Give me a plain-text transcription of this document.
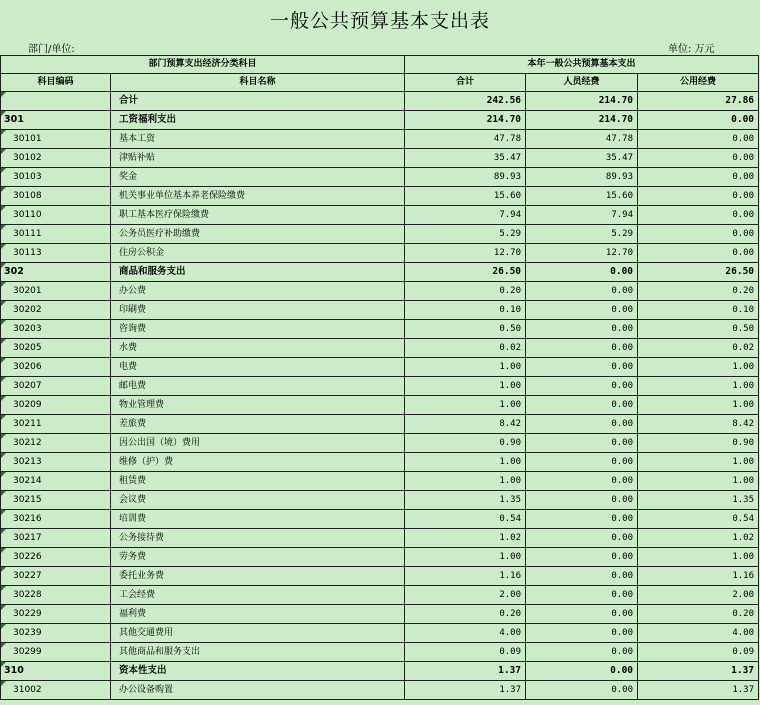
一般公共预算基本支出表
部门/单位:	单位: 万元
部门预算支出经济分类科目		本年一般公共预算基本支出		
科目编码	科目名称	合计	人员经费	公用经费
	合计	242.56	214.70	27.86
301	工资福利支出	214.70	214.70	0.00
30101	基本工资	47.78	47.78	0.00
30102	津贴补贴	35.47	35.47	0.00
30103	奖金	89.93	89.93	0.00
30108	机关事业单位基本养老保险缴费	15.60	15.60	0.00
30110	职工基本医疗保险缴费	7.94	7.94	0.00
30111	公务员医疗补助缴费	5.29	5.29	0.00
30113	住房公积金	12.70	12.70	0.00
302	商品和服务支出	26.50	0.00	26.50
30201	办公费	0.20	0.00	0.20
30202	印刷费	0.10	0.00	0.10
30203	咨询费	0.50	0.00	0.50
30205	水费	0.02	0.00	0.02
30206	电费	1.00	0.00	1.00
30207	邮电费	1.00	0.00	1.00
30209	物业管理费	1.00	0.00	1.00
30211	差旅费	8.42	0.00	8.42
30212	因公出国（境）费用	0.90	0.00	0.90
30213	维修（护）费	1.00	0.00	1.00
30214	租赁费	1.00	0.00	1.00
30215	会议费	1.35	0.00	1.35
30216	培训费	0.54	0.00	0.54
30217	公务接待费	1.02	0.00	1.02
30226	劳务费	1.00	0.00	1.00
30227	委托业务费	1.16	0.00	1.16
30228	工会经费	2.00	0.00	2.00
30229	福利费	0.20	0.00	0.20
30239	其他交通费用	4.00	0.00	4.00
30299	其他商品和服务支出	0.09	0.00	0.09
310	资本性支出	1.37	0.00	1.37
31002	办公设备购置	1.37	0.00	1.37
